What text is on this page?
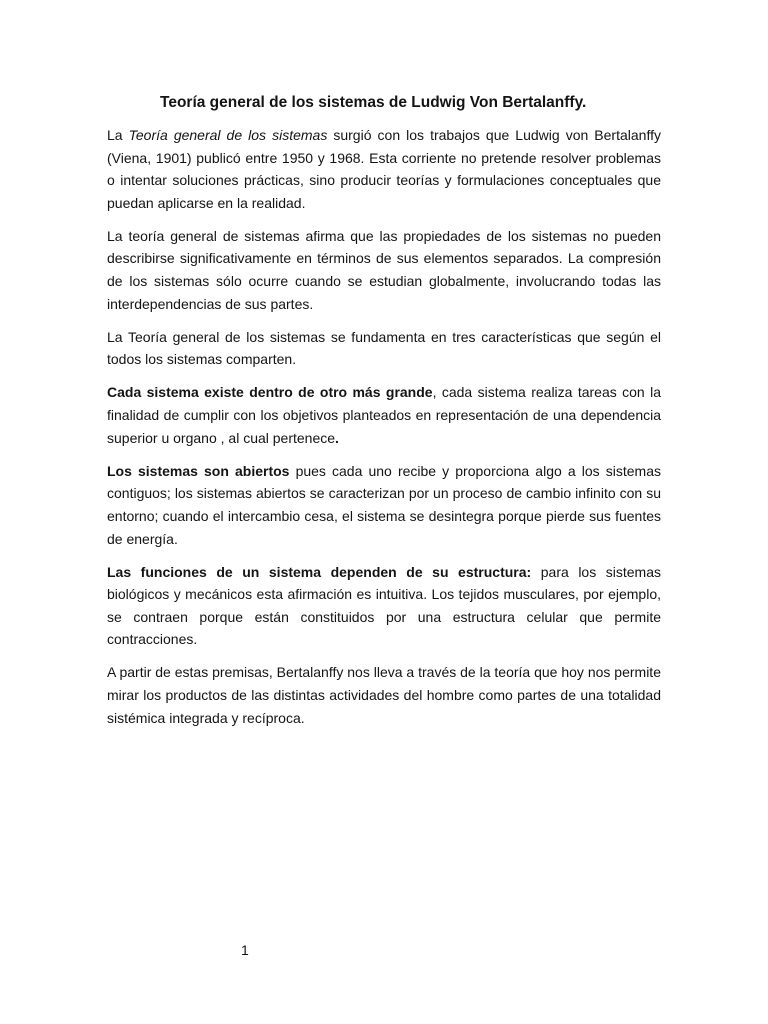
Teoría general de los sistemas de Ludwig Von Bertalanffy.

La Teoría general de los sistemas surgió con los trabajos que Ludwig von Bertalanffy (Viena, 1901) publicó entre 1950 y 1968. Esta corriente no pretende resolver problemas o intentar soluciones prácticas, sino producir teorías y formulaciones conceptuales que puedan aplicarse en la realidad.

La teoría general de sistemas afirma que las propiedades de los sistemas no pueden describirse significativamente en términos de sus elementos separados. La compresión de los sistemas sólo ocurre cuando se estudian globalmente, involucrando todas las interdependencias de sus partes.

La Teoría general de los sistemas se fundamenta en tres características que según el todos los sistemas comparten.

Cada sistema existe dentro de otro más grande, cada sistema realiza tareas con la finalidad de cumplir con los objetivos planteados en representación de una dependencia superior u organo , al cual pertenece.

Los sistemas son abiertos pues cada uno recibe y proporciona algo a los sistemas contiguos; los sistemas abiertos se caracterizan por un proceso de cambio infinito con su entorno; cuando el intercambio cesa, el sistema se desintegra porque pierde sus fuentes de energía.

Las funciones de un sistema dependen de su estructura: para los sistemas biológicos y mecánicos esta afirmación es intuitiva. Los tejidos musculares, por ejemplo, se contraen porque están constituidos por una estructura celular que permite contracciones.

A partir de estas premisas, Bertalanffy nos lleva a través de la teoría que hoy nos permite mirar los productos de las distintas actividades del hombre como partes de una totalidad sistémica integrada y recíproca.

1
